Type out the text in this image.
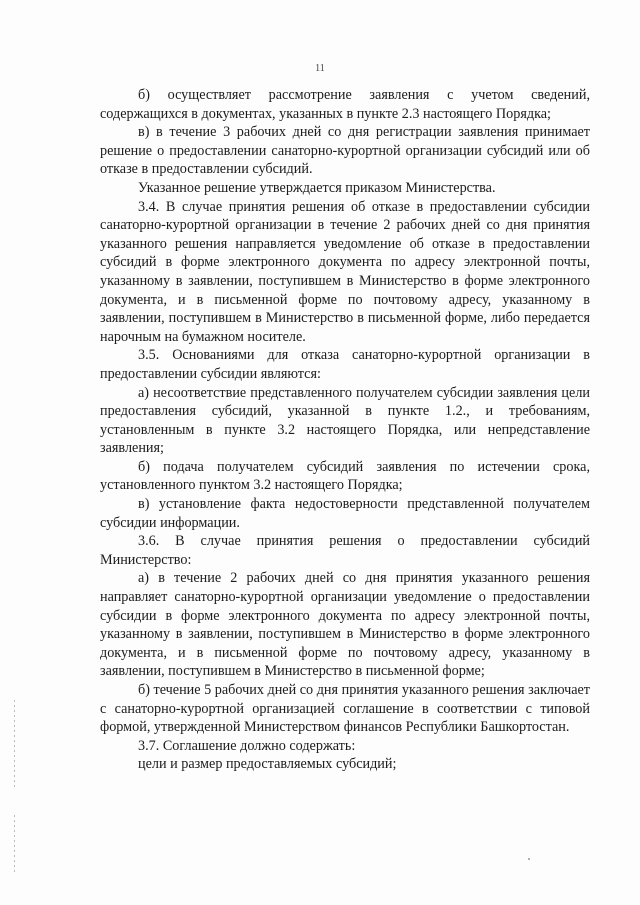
11

б) осуществляет рассмотрение заявления с учетом сведений, содержащихся в документах, указанных в пункте 2.3 настоящего Порядка;

в) в течение 3 рабочих дней со дня регистрации заявления принимает решение о предоставлении санаторно-курортной организации субсидий или об отказе в предоставлении субсидий.

Указанное решение утверждается приказом Министерства.

3.4. В случае принятия решения об отказе в предоставлении субсидии санаторно-курортной организации в течение 2 рабочих дней со дня принятия указанного решения направляется уведомление об отказе в предоставлении субсидий в форме электронного документа по адресу электронной почты, указанному в заявлении, поступившем в Министерство в форме электронного документа, и в письменной форме по почтовому адресу, указанному в заявлении, поступившем в Министерство в письменной форме, либо передается нарочным на бумажном носителе.

3.5. Основаниями для отказа санаторно-курортной организации в предоставлении субсидии являются:

а) несоответствие представленного получателем субсидии заявления цели предоставления субсидий, указанной в пункте 1.2., и требованиям, установленным в пункте 3.2 настоящего Порядка, или непредставление заявления;

б) подача получателем субсидий заявления по истечении срока, установленного пунктом 3.2 настоящего Порядка;

в) установление факта недостоверности представленной получателем субсидии информации.

3.6. В случае принятия решения о предоставлении субсидий Министерство:

а) в течение 2 рабочих дней со дня принятия указанного решения направляет санаторно-курортной организации уведомление о предоставлении субсидии в форме электронного документа по адресу электронной почты, указанному в заявлении, поступившем в Министерство в форме электронного документа, и в письменной форме по почтовому адресу, указанному в заявлении, поступившем в Министерство в письменной форме;

б) течение 5 рабочих дней со дня принятия указанного решения заключает с санаторно-курортной организацией соглашение в соответствии с типовой формой, утвержденной Министерством финансов Республики Башкортостан.

3.7. Соглашение должно содержать:

цели и размер предоставляемых субсидий;
